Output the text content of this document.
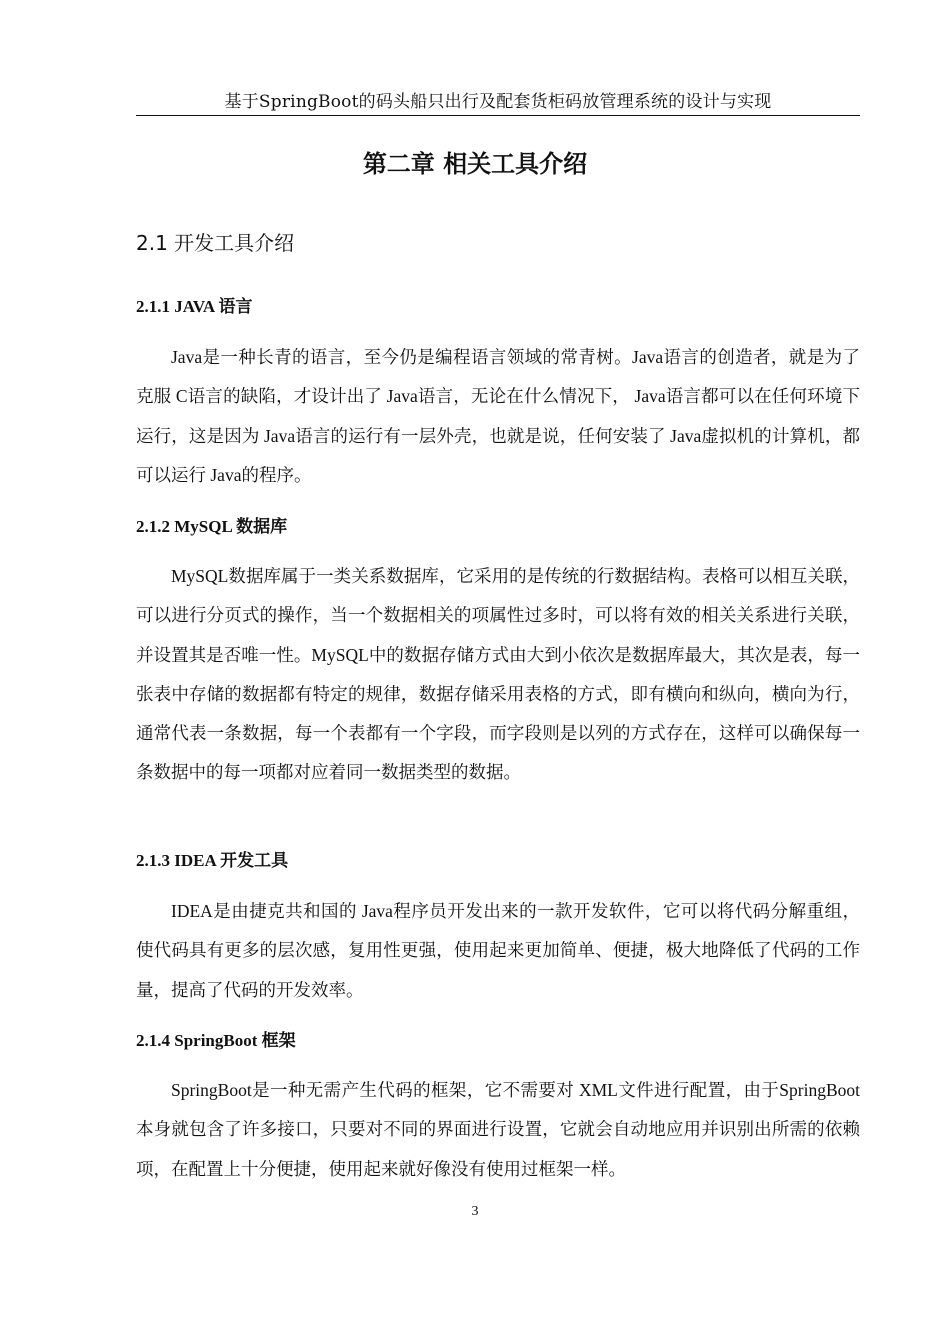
基于SpringBoot的码头船只出行及配套货柜码放管理系统的设计与实现
第二章 相关工具介绍
2.1 开发工具介绍
2.1.1 JAVA 语言

Java是一种长青的语言，至今仍是编程语言领域的常青树。Java语言的创造者，就是为了克服 C语言的缺陷，才设计出了 Java语言，无论在什么情况下， Java语言都可以在任何环境下运行，这是因为 Java语言的运行有一层外壳，也就是说，任何安装了 Java虚拟机的计算机，都可以运行 Java的程序。

2.1.2 MySQL 数据库

MySQL数据库属于一类关系数据库，它采用的是传统的行数据结构。表格可以相互关联，可以进行分页式的操作，当一个数据相关的项属性过多时，可以将有效的相关关系进行关联，并设置其是否唯一性。MySQL中的数据存储方式由大到小依次是数据库最大，其次是表，每一张表中存储的数据都有特定的规律，数据存储采用表格的方式，即有横向和纵向，横向为行，通常代表一条数据，每一个表都有一个字段，而字段则是以列的方式存在，这样可以确保每一条数据中的每一项都对应着同一数据类型的数据。

2.1.3 IDEA 开发工具

IDEA是由捷克共和国的 Java程序员开发出来的一款开发软件，它可以将代码分解重组，使代码具有更多的层次感，复用性更强，使用起来更加简单、便捷，极大地降低了代码的工作量，提高了代码的开发效率。

2.1.4 SpringBoot 框架

SpringBoot是一种无需产生代码的框架，它不需要对 XML文件进行配置，由于SpringBoot本身就包含了许多接口，只要对不同的界面进行设置，它就会自动地应用并识别出所需的依赖项，在配置上十分便捷，使用起来就好像没有使用过框架一样。

3
